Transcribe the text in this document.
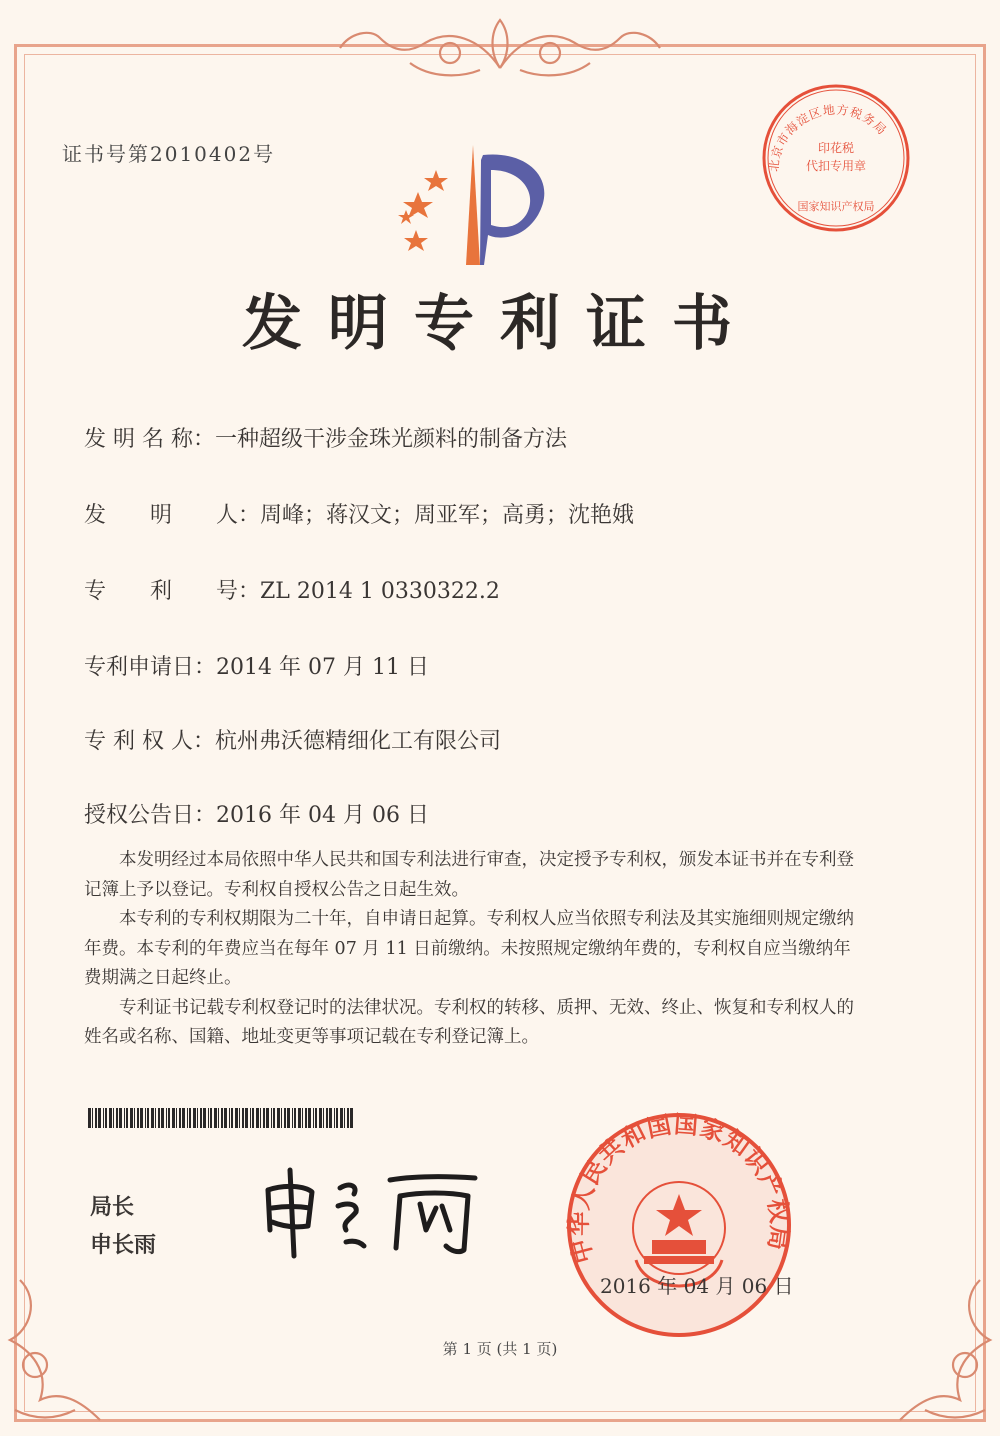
证书号第2010402号	北京市海淀区地方税务局
印花税
代扣专用章
国家知识产权局
发明专利证书
发 明 名 称：一种超级干涉金珠光颜料的制备方法
发　　明　　人：周峰；蒋汉文；周亚军；高勇；沈艳娥
专　　利　　号：ZL 2014 1 0330322.2
专利申请日：2014 年 07 月 11 日
专 利 权 人：杭州弗沃德精细化工有限公司
授权公告日：2016 年 04 月 06 日

本发明经过本局依照中华人民共和国专利法进行审查，决定授予专利权，颁发本证书并在专利登记簿上予以登记。专利权自授权公告之日起生效。

本专利的专利权期限为二十年，自申请日起算。专利权人应当依照专利法及其实施细则规定缴纳年费。本专利的年费应当在每年 07 月 11 日前缴纳。未按照规定缴纳年费的，专利权自应当缴纳年费期满之日起终止。

专利证书记载专利权登记时的法律状况。专利权的转移、质押、无效、终止、恢复和专利权人的姓名或名称、国籍、地址变更等事项记载在专利登记簿上。

局长
申长雨	中华人民共和国国家知识产权局
2016 年 04 月 06 日
第 1 页 (共 1 页)
